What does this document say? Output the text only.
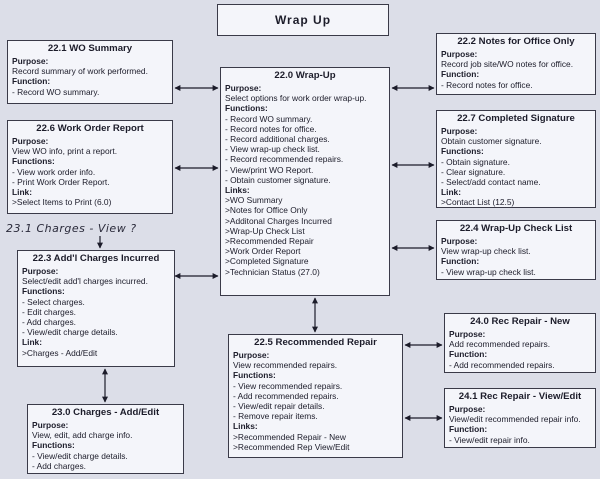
Wrap Up
23.1 Charges - View ?
22.1 WO Summary
Purpose:
Record summary of work performed.
Function:
- Record WO summary.
22.6 Work Order Report
Purpose:
View WO info, print a report.
Functions:
- View work order info.
- Print Work Order Report.
Link:
>Select Items to Print (6.0)
22.3 Add'l Charges Incurred
Purpose:
Select/edit add'l charges incurred.
Functions:
- Select charges.
- Edit charges.
- Add charges.
- View/edit charge details.
Link:
>Charges - Add/Edit
23.0 Charges - Add/Edit
Purpose:
View, edit, add charge info.
Functions:
- View/edit charge details.
- Add charges.
22.0 Wrap-Up
Purpose:
Select options for work order wrap-up.
Functions:
- Record WO summary.
- Record notes for office.
- Record additional charges.
- View wrap-up check list.
- Record recommended repairs.
- View/print WO Report.
- Obtain customer signature.
Links:
>WO Summary
>Notes for Office Only
>Additonal Charges Incurred
>Wrap-Up Check List
>Recommended Repair
>Work Order Report
>Completed Signature
>Technician Status (27.0)
22.5 Recommended Repair
Purpose:
View recommended repairs.
Functions:
- View recommended repairs.
- Add recommended repairs.
- View/edit repair details.
- Remove repair items.
Links:
>Recommended Repair - New
>Recommended Rep View/Edit
22.2 Notes for Office Only
Purpose:
Record job site/WO notes for office.
Function:
- Record notes for office.
22.7 Completed Signature
Purpose:
Obtain customer signature.
Functions:
- Obtain signature.
- Clear signature.
- Select/add contact name.
Link:
>Contact List (12.5)
22.4 Wrap-Up Check List
Purpose:
View wrap-up check list.
Function:
- View wrap-up check list.
24.0 Rec Repair - New
Purpose:
Add recommended repairs.
Function:
- Add recommended repairs.
24.1 Rec Repair - View/Edit
Purpose:
View/edit recommended repair info.
Function:
- View/edit repair info.
